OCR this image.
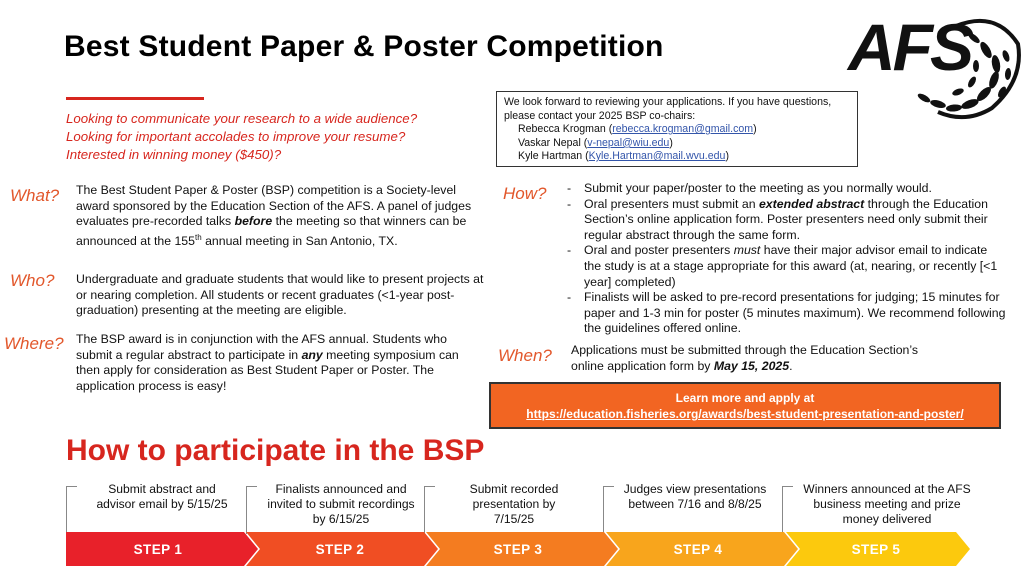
Best Student Paper & Poster Competition	AFS
Looking to communicate your research to a wide audience?
Looking for important accolades to improve your resume?
Interested in winning money ($450)?
What? The Best Student Paper & Poster (BSP) competition is a Society-level award sponsored by the Education Section of the AFS. A panel of judges evaluates pre-recorded talks before the meeting so that winners can be announced at the 155th annual meeting in San Antonio, TX.
Who? Undergraduate and graduate students that would like to present projects at or nearing completion. All students or recent graduates (<1-year post-graduation) presenting at the meeting are eligible.
Where? The BSP award is in conjunction with the AFS annual. Students who submit a regular abstract to participate in any meeting symposium can then apply for consideration as Best Student Paper or Poster. The application process is easy!
We look forward to reviewing your applications. If you have questions, please contact your 2025 BSP co-chairs:
Rebecca Krogman (rebecca.krogman@gmail.com)
Vaskar Nepal (v-nepal@wiu.edu)
Kyle Hartman (Kyle.Hartman@mail.wvu.edu)
How?
-	Submit your paper/poster to the meeting as you normally would.
- Oral presenters must submit an extended abstract through the Education Section’s online application form. Poster presenters need only submit their regular abstract through the same form.
- Oral and poster presenters must have their major advisor email to indicate the study is at a stage appropriate for this award (at, nearing, or recently [<1 year] completed)
- Finalists will be asked to pre-record presentations for judging; 15 minutes for paper and 1-3 min for poster (5 minutes maximum). We recommend following the guidelines offered online.
When? Applications must be submitted through the Education Section’s online application form by May 15, 2025.
Learn more and apply at
https://education.fisheries.org/awards/best-student-presentation-and-poster/
How to participate in the BSP
Submit abstract and advisor email by 5/15/25
Finalists announced and invited to submit recordings by 6/15/25
Submit recorded presentation by 7/15/25
Judges view presentations between 7/16 and 8/8/25
Winners announced at the AFS business meeting and prize money delivered
STEP 1	STEP 2	STEP 3	STEP 4	STEP 5
